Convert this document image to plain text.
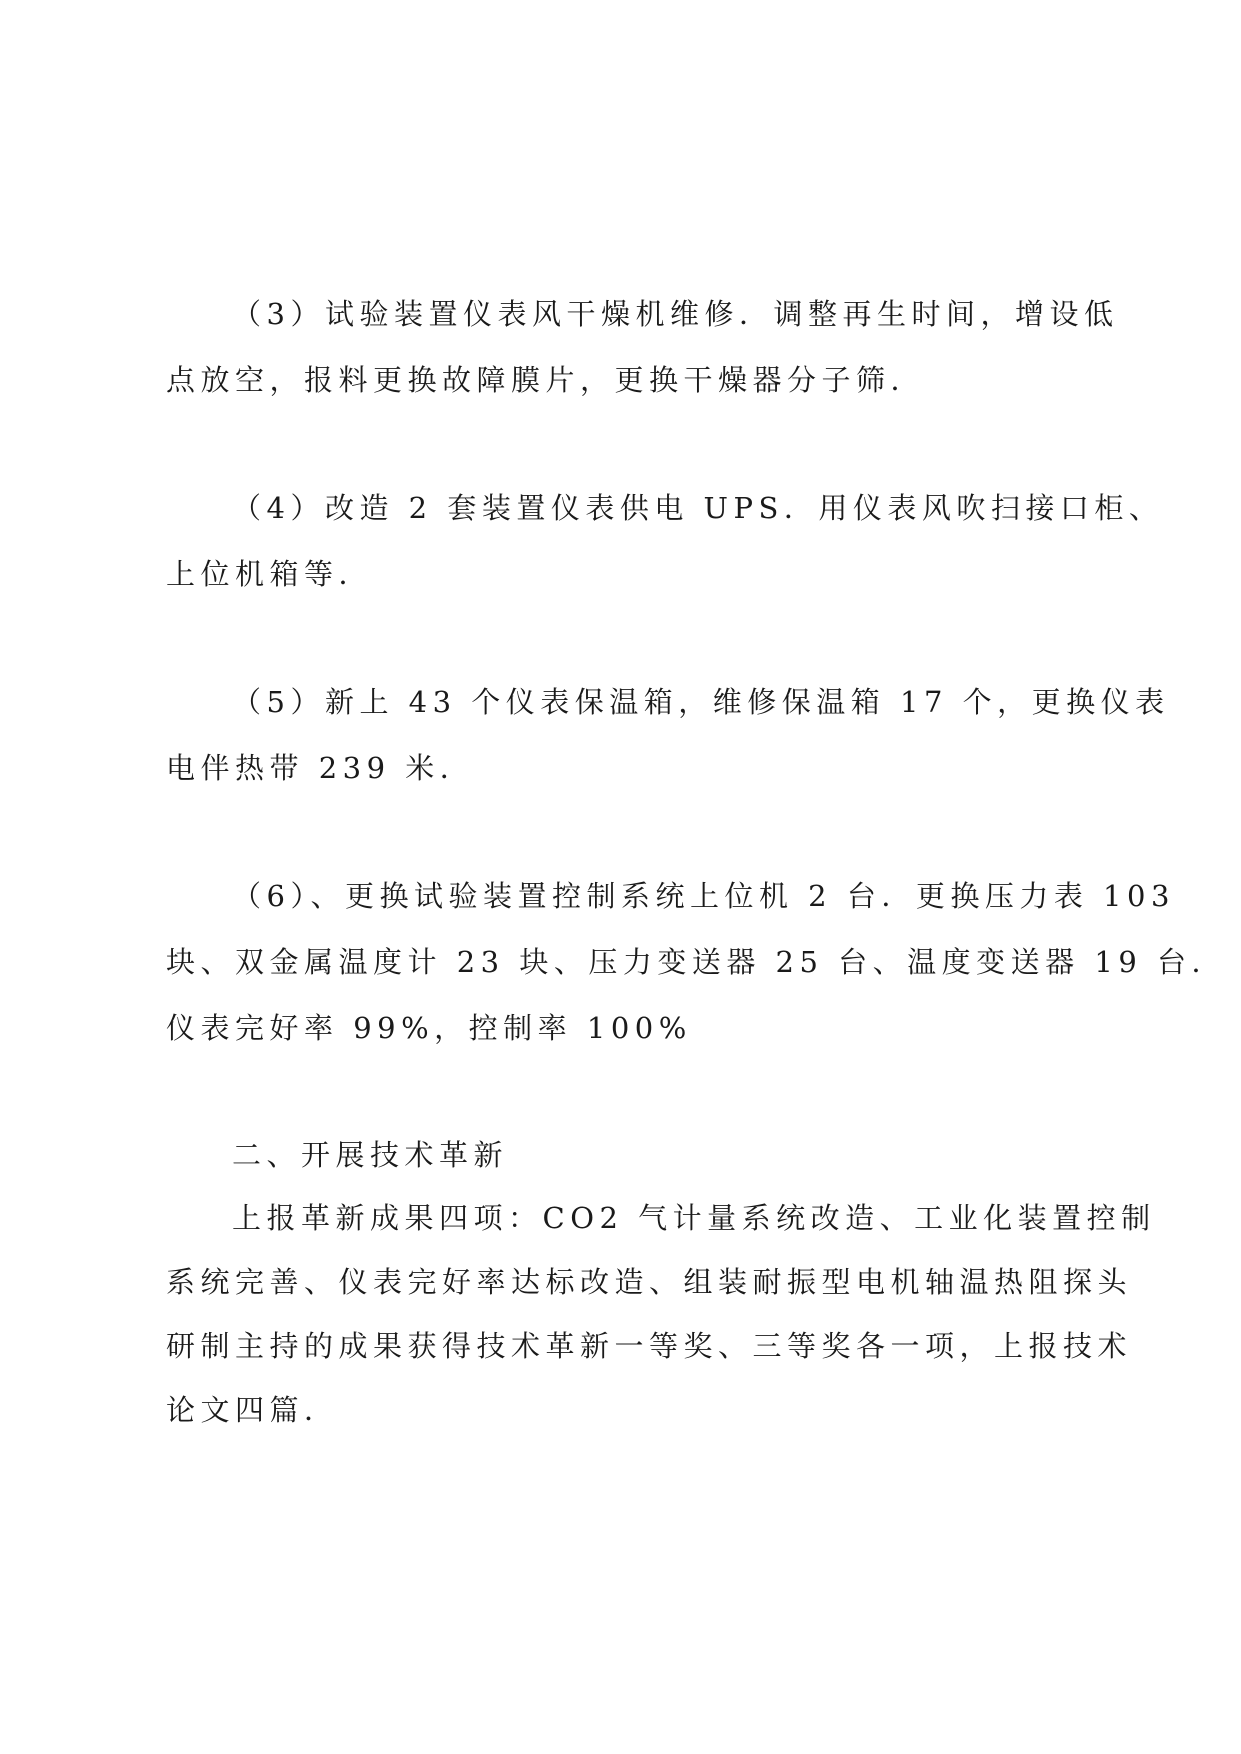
（3）试验装置仪表风干燥机维修．调整再生时间，增设低
点放空，报料更换故障膜片，更换干燥器分子筛．
（4）改造 2 套装置仪表供电 UPS．用仪表风吹扫接口柜、
上位机箱等．
（5）新上 43 个仪表保温箱，维修保温箱 17 个，更换仪表
电伴热带 239 米．
（6）、更换试验装置控制系统上位机 2 台．更换压力表 103
块、双金属温度计 23 块、压力变送器 25 台、温度变送器 19 台．
仪表完好率 99%，控制率 100%
二、开展技术革新
上报革新成果四项：CO2 气计量系统改造、工业化装置控制
系统完善、仪表完好率达标改造、组装耐振型电机轴温热阻探头
研制主持的成果获得技术革新一等奖、三等奖各一项，上报技术
论文四篇．
